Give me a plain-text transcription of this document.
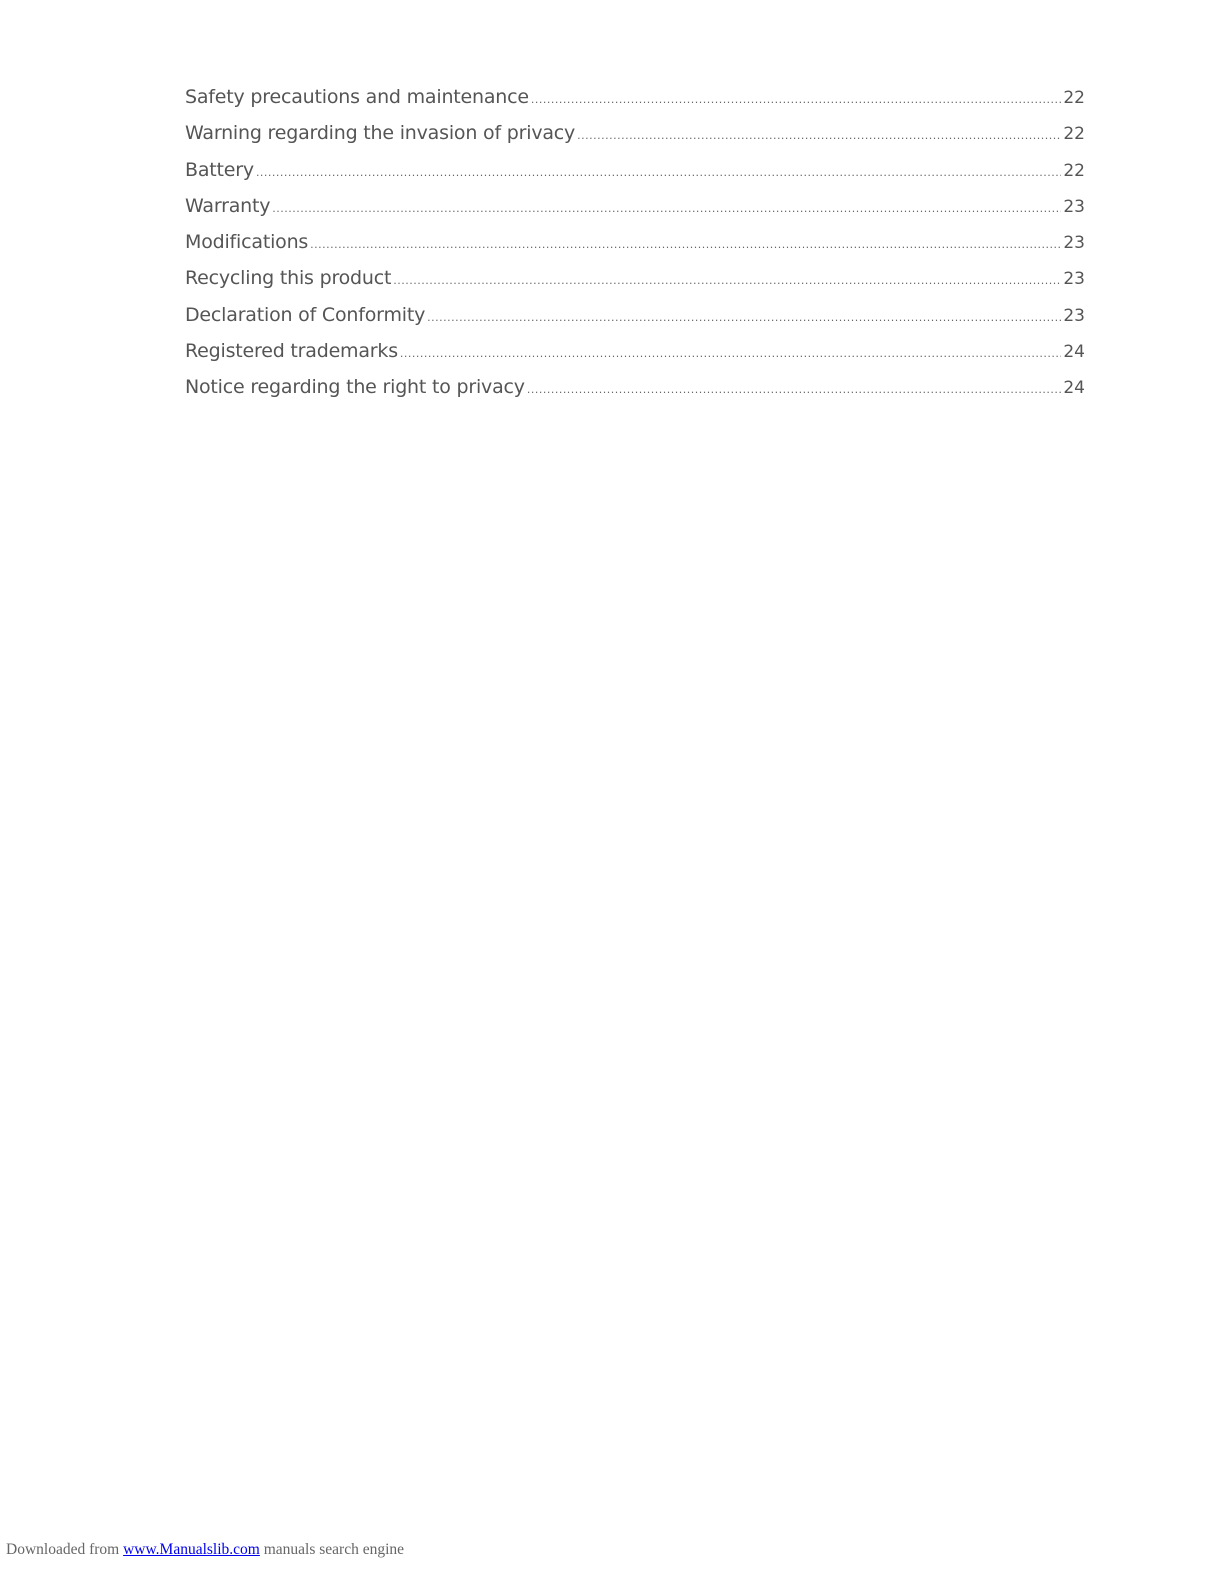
Safety precautions and maintenance .....	22
Warning regarding the invasion of privacy .....	22
Battery .....	22
Warranty .....	23
Modifications .....	23
Recycling this product .....	23
Declaration of Conformity .....	23
Registered trademarks .....	24
Notice regarding the right to privacy .....	24
Downloaded from www.Manualslib.com manuals search engine
